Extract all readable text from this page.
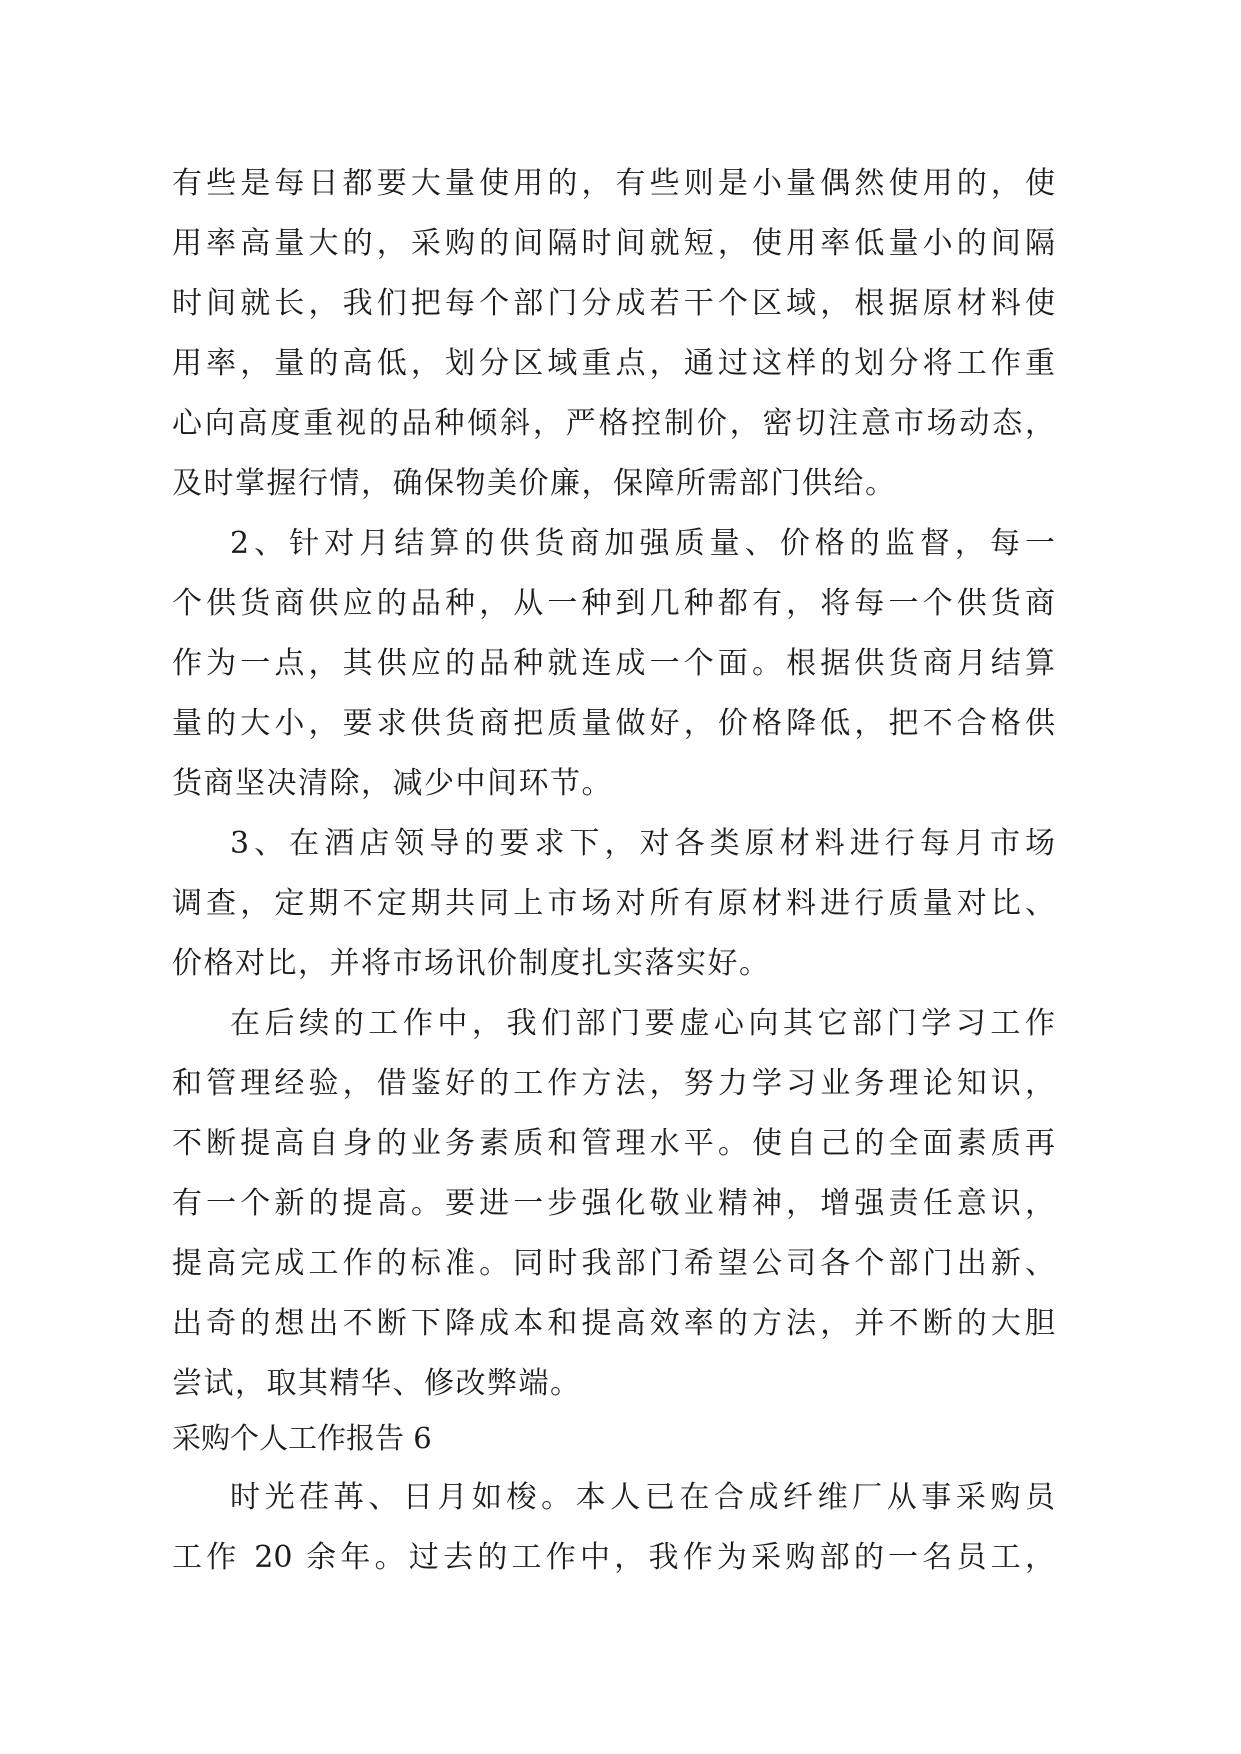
有些是每日都要大量使用的，有些则是小量偶然使用的，使
用率高量大的，采购的间隔时间就短，使用率低量小的间隔
时间就长，我们把每个部门分成若干个区域，根据原材料使
用率，量的高低，划分区域重点，通过这样的划分将工作重
心向高度重视的品种倾斜，严格控制价，密切注意市场动态，
及时掌握行情，确保物美价廉，保障所需部门供给。
2、针对月结算的供货商加强质量、价格的监督，每一
个供货商供应的品种，从一种到几种都有，将每一个供货商
作为一点，其供应的品种就连成一个面。根据供货商月结算
量的大小，要求供货商把质量做好，价格降低，把不合格供
货商坚决清除，减少中间环节。
3、在酒店领导的要求下，对各类原材料进行每月市场
调查，定期不定期共同上市场对所有原材料进行质量对比、
价格对比，并将市场讯价制度扎实落实好。
在后续的工作中，我们部门要虚心向其它部门学习工作
和管理经验，借鉴好的工作方法，努力学习业务理论知识，
不断提高自身的业务素质和管理水平。使自己的全面素质再
有一个新的提高。要进一步强化敬业精神，增强责任意识，
提高完成工作的标准。同时我部门希望公司各个部门出新、
出奇的想出不断下降成本和提高效率的方法，并不断的大胆
尝试，取其精华、修改弊端。
采购个人工作报告 6
时光荏苒、日月如梭。本人已在合成纤维厂从事采购员
工作 20 余年。过去的工作中，我作为采购部的一名员工，
